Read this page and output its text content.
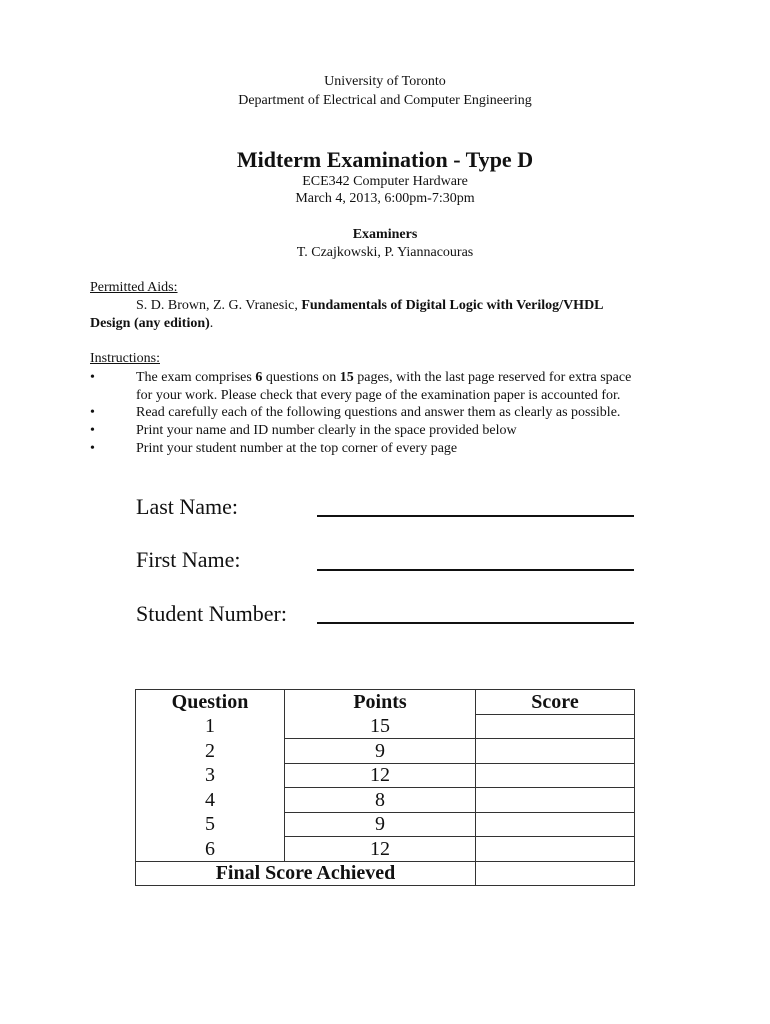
University of Toronto
Department of Electrical and Computer Engineering
Midterm Examination - Type D
ECE342 Computer Hardware
March 4, 2013, 6:00pm-7:30pm
Examiners
T. Czajkowski, P. Yiannacouras
Permitted Aids:
S. D. Brown, Z. G. Vranesic, Fundamentals of Digital Logic with Verilog/VHDL
Design (any edition).
Instructions:
•	The exam comprises 6 questions on 15 pages, with the last page reserved for extra space
for your work. Please check that every page of the examination paper is accounted for.
•	Read carefully each of the following questions and answer them as clearly as possible.
•	Print your name and ID number clearly in the space provided below
•	Print your student number at the top corner of every page
Last Name:
First Name:
Student Number:
Question	Points	Score
1	15	
2	9	
3	12	
4	8	
5	9	
6	12	
Final Score Achieved		
